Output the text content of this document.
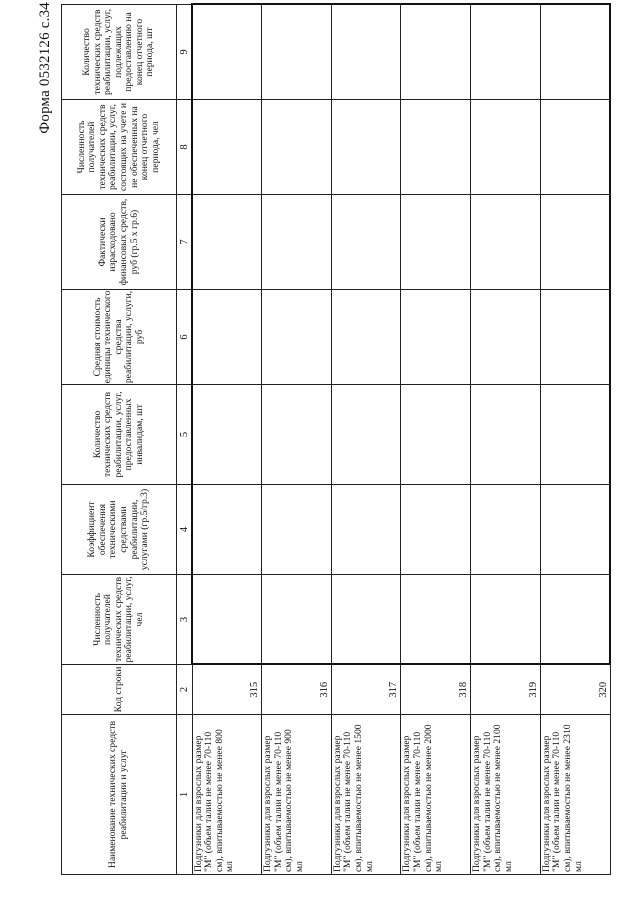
Форма 0532126 с.34
Наименование технических средств реабилитации и услуг	Код строки	Численность получателей технических средств реабилитации, услуг, чел	Коэффициент обеспечения техническими средствами реабилитации, услугами (гр.5/гр.3)	Количество технических средств реабилитации, услуг, предоставленных инвалидам, шт	Средняя стоимость единицы технического средства реабилитации, услуги, руб	Фактически израсходовано финансовых средств, руб (гр.5 х гр.6)	Численность получателей технических средств реабилитации, услуг, состоящих на учете и не обеспеченных на конец отчетного периода, чел	Количество технических средств реабилитации, услуг, подлежащих предоставлению на конец отчетного периода, шт
1	2	3	4	5	6	7	8	9
Подгузники для взрослых размер "М" (объем талии не менее 70-110 см), впитываемостью не менее 800 мл	315							
Подгузники для взрослых размер "М" (объем талии не менее 70-110 см), впитываемостью не менее 900 мл	316							
Подгузники для взрослых размер "М" (объем талии не менее 70-110 см), впитываемостью не менее 1500 мл	317							
Подгузники для взрослых размер "М" (объем талии не менее 70-110 см), впитываемостью не менее 2000 мл	318							
Подгузники для взрослых размер "М" (объем талии не менее 70-110 см), впитываемостью не менее 2100 мл	319							
Подгузники для взрослых размер "М" (объем талии не менее 70-110 см), впитываемостью не менее 2310 мл	320							
